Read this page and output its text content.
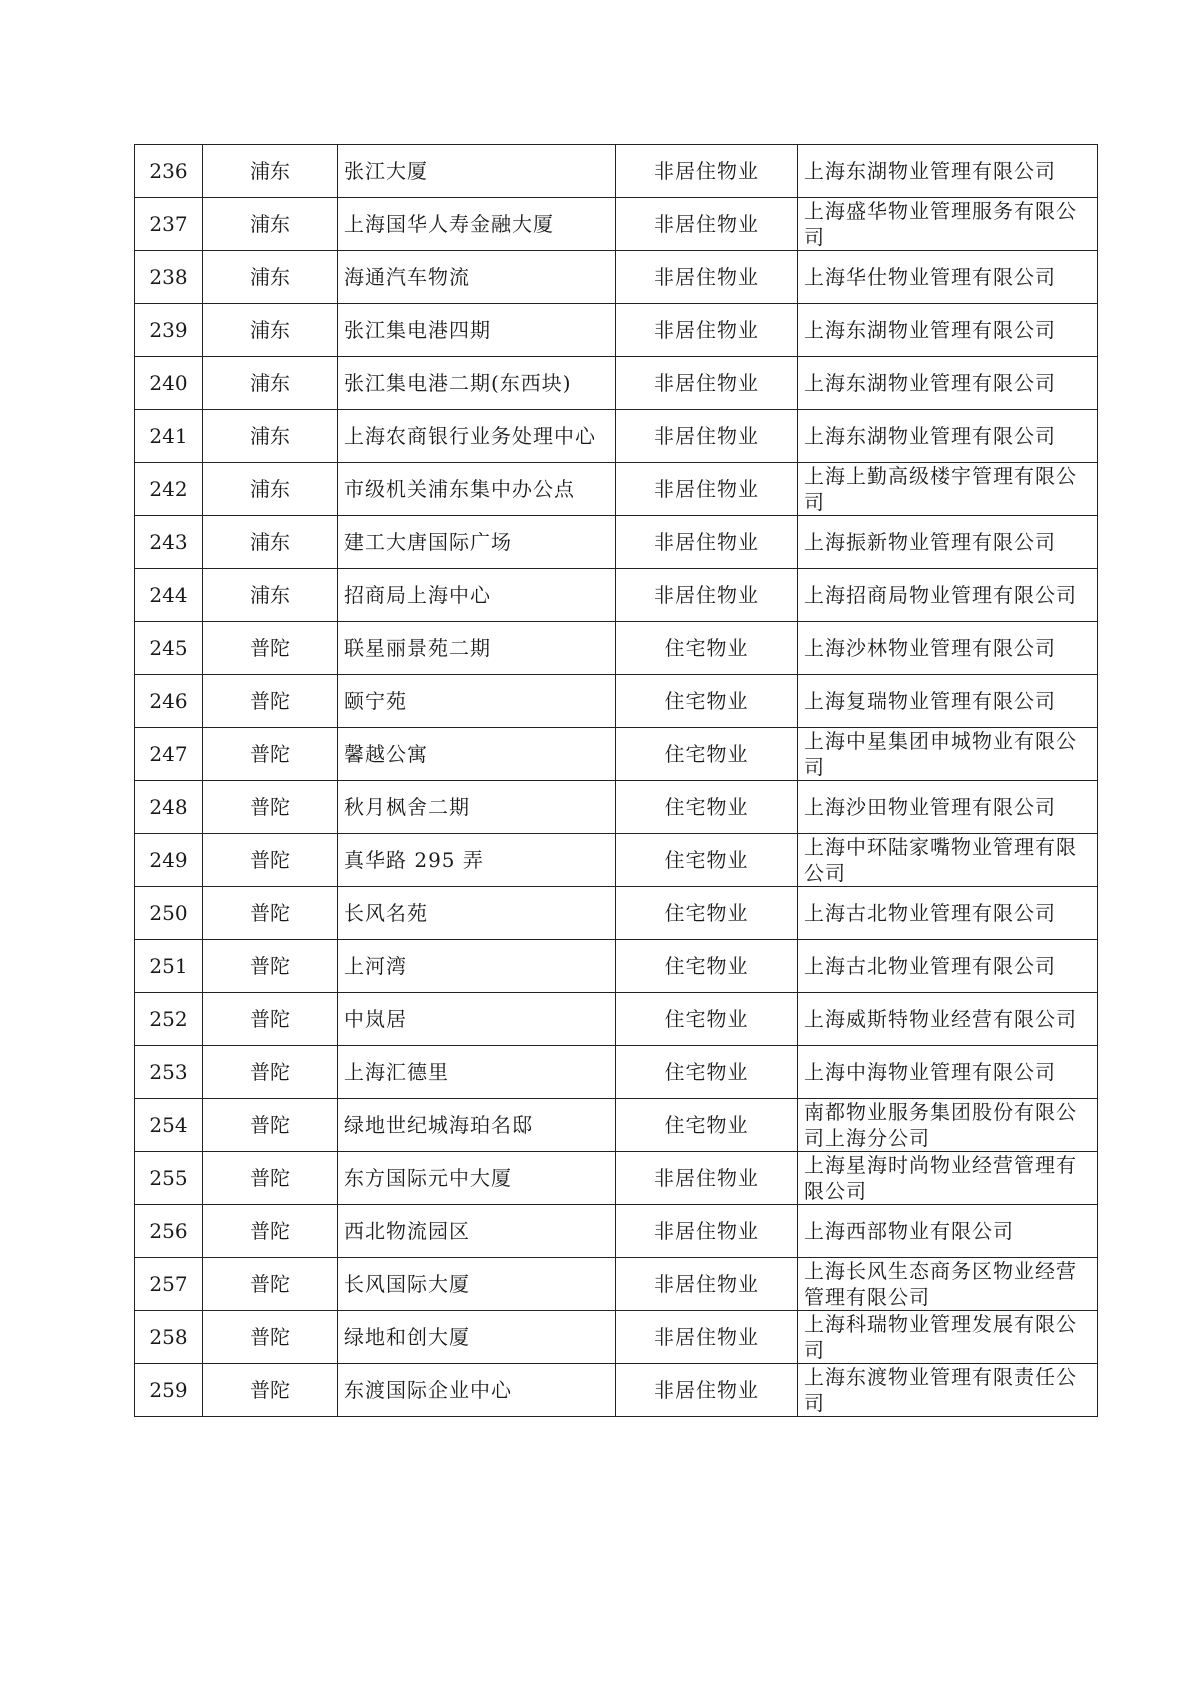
236	浦东	张江大厦	非居住物业	上海东湖物业管理有限公司
237	浦东	上海国华人寿金融大厦	非居住物业	上海盛华物业管理服务有限公司
238	浦东	海通汽车物流	非居住物业	上海华仕物业管理有限公司
239	浦东	张江集电港四期	非居住物业	上海东湖物业管理有限公司
240	浦东	张江集电港二期(东西块)	非居住物业	上海东湖物业管理有限公司
241	浦东	上海农商银行业务处理中心	非居住物业	上海东湖物业管理有限公司
242	浦东	市级机关浦东集中办公点	非居住物业	上海上勤高级楼宇管理有限公司
243	浦东	建工大唐国际广场	非居住物业	上海振新物业管理有限公司
244	浦东	招商局上海中心	非居住物业	上海招商局物业管理有限公司
245	普陀	联星丽景苑二期	住宅物业	上海沙林物业管理有限公司
246	普陀	颐宁苑	住宅物业	上海复瑞物业管理有限公司
247	普陀	馨越公寓	住宅物业	上海中星集团申城物业有限公司
248	普陀	秋月枫舍二期	住宅物业	上海沙田物业管理有限公司
249	普陀	真华路 295 弄	住宅物业	上海中环陆家嘴物业管理有限公司
250	普陀	长风名苑	住宅物业	上海古北物业管理有限公司
251	普陀	上河湾	住宅物业	上海古北物业管理有限公司
252	普陀	中岚居	住宅物业	上海威斯特物业经营有限公司
253	普陀	上海汇德里	住宅物业	上海中海物业管理有限公司
254	普陀	绿地世纪城海珀名邸	住宅物业	南都物业服务集团股份有限公司上海分公司
255	普陀	东方国际元中大厦	非居住物业	上海星海时尚物业经营管理有限公司
256	普陀	西北物流园区	非居住物业	上海西部物业有限公司
257	普陀	长风国际大厦	非居住物业	上海长风生态商务区物业经营管理有限公司
258	普陀	绿地和创大厦	非居住物业	上海科瑞物业管理发展有限公司
259	普陀	东渡国际企业中心	非居住物业	上海东渡物业管理有限责任公司
